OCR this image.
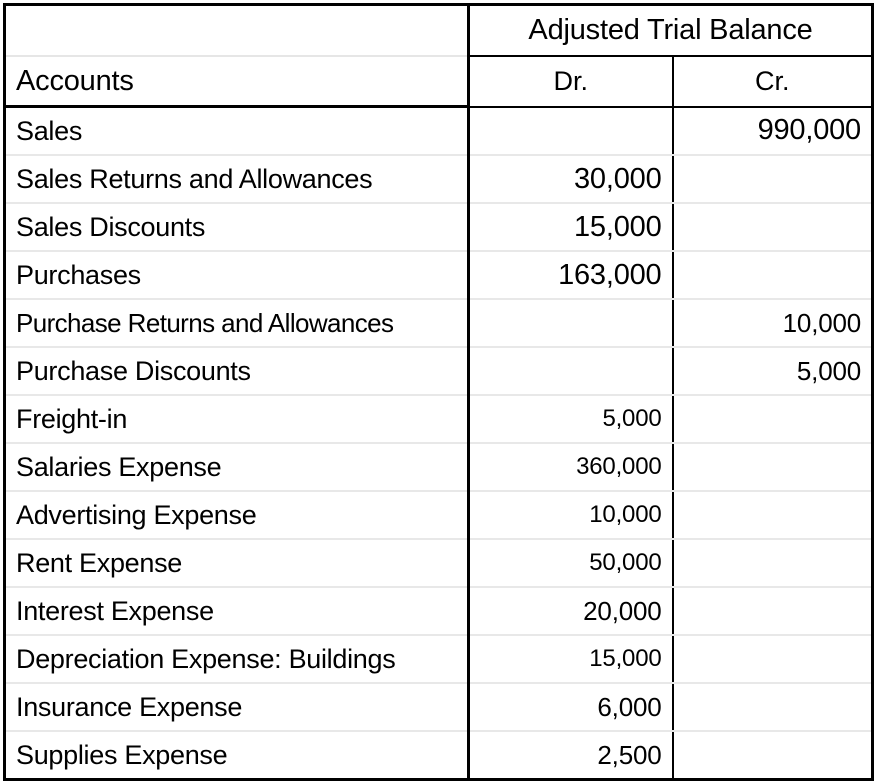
	Adjusted Trial Balance	
Accounts	Dr.	Cr.
Sales		990,000
Sales Returns and Allowances	30,000	
Sales Discounts	15,000	
Purchases	163,000	
Purchase Returns and Allowances		10,000
Purchase Discounts		5,000
Freight-in	5,000	
Salaries Expense	360,000	
Advertising Expense	10,000	
Rent Expense	50,000	
Interest Expense	20,000	
Depreciation Expense: Buildings	15,000	
Insurance Expense	6,000	
Supplies Expense	2,500	
